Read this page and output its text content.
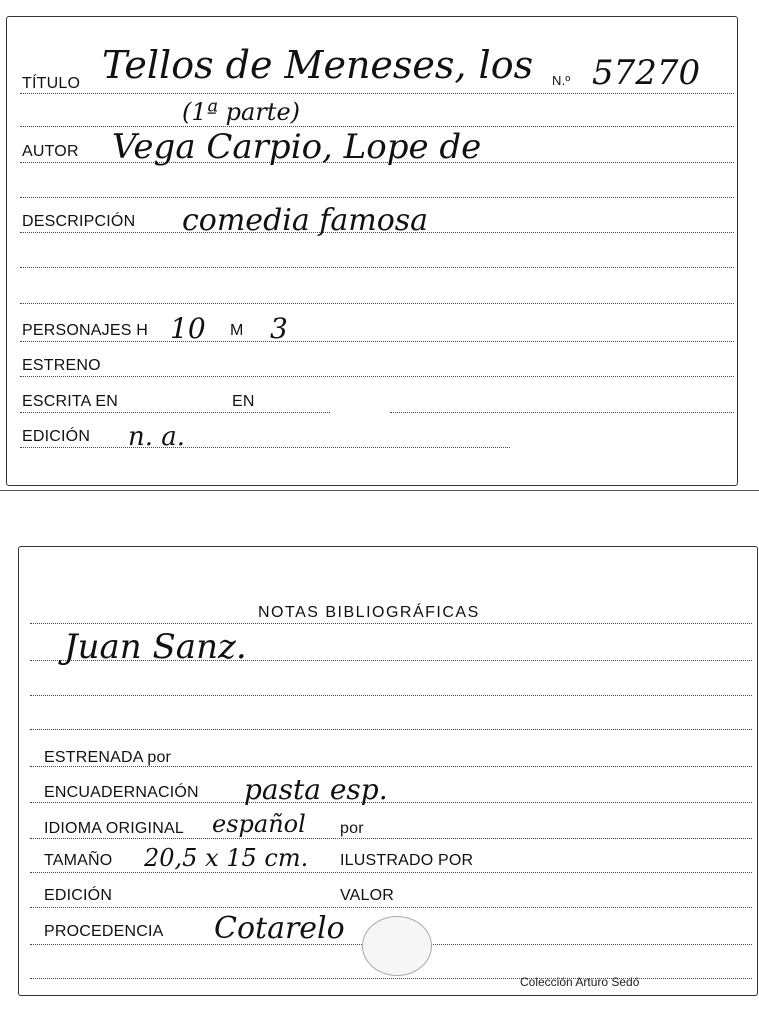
TÍTULO Tellos de Meneses, los N.º 57270
(1ª parte)
AUTOR Vega Carpio, Lope de
DESCRIPCIÓN comedia famosa
PERSONAJES H 10 M 3
ESTRENO
ESCRITA EN	EN
EDICIÓN n. a.
NOTAS BIBLIOGRÁFICAS
Juan Sanz.
ESTRENADA por
ENCUADERNACIÓN pasta esp.
IDIOMA ORIGINAL español por
TAMAÑO 20,5 x 15 cm. ILUSTRADO POR
EDICIÓN	VALOR
PROCEDENCIA Cotarelo
Colección Arturo Sedó
